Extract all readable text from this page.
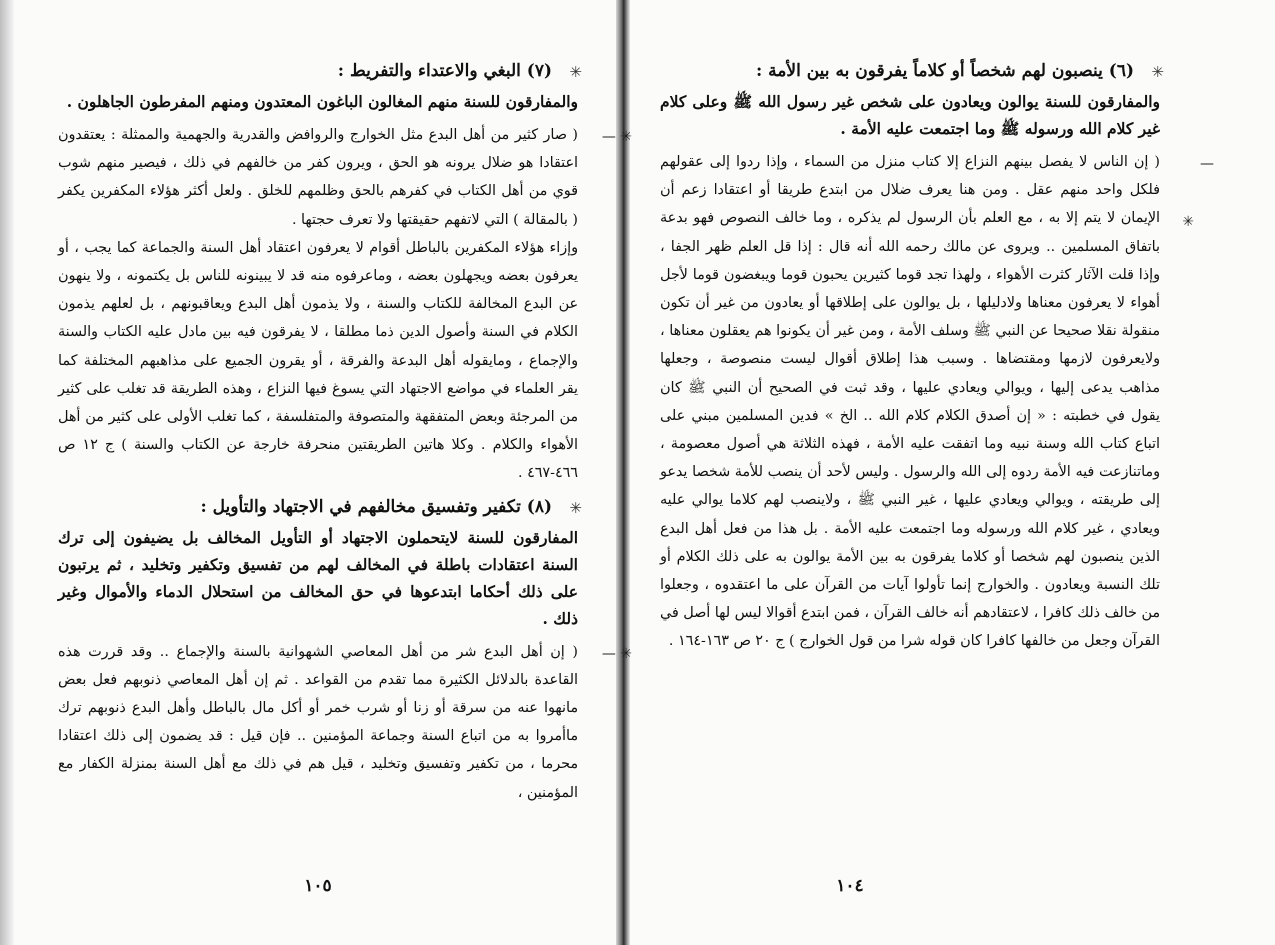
✳
(٧) البغي والاعتداء والتفريط :

والمفارقون للسنة منهم المغالون الباغون المعتدون ومنهم المفرطون الجاهلون .

✳ —
( صار كثير من أهل البدع مثل الخوارج والروافض والقدرية والجهمية والممثلة : يعتقدون اعتقادا هو ضلال يرونه هو الحق ، ويرون كفر من خالفهم في ذلك ، فيصير منهم شوب قوي من أهل الكتاب في كفرهم بالحق وظلمهم للخلق . ولعل أكثر هؤلاء المكفرين يكفر ( بالمقالة ) التي لاتفهم حقيقتها ولا تعرف حجتها .

وإزاء هؤلاء المكفرين بالباطل أقوام لا يعرفون اعتقاد أهل السنة والجماعة كما يجب ، أو يعرفون بعضه ويجهلون بعضه ، وماعرفوه منه قد لا يبينونه للناس بل يكتمونه ، ولا ينهون عن البدع المخالفة للكتاب والسنة ، ولا يذمون أهل البدع ويعاقبونهم ، بل لعلهم يذمون الكلام في السنة وأصول الدين ذما مطلقا ، لا يفرقون فيه بين مادل عليه الكتاب والسنة والإجماع ، ومايقوله أهل البدعة والفرقة ، أو يقرون الجميع على مذاهبهم المختلفة كما يقر العلماء في مواضع الاجتهاد التي يسوغ فيها النزاع ، وهذه الطريقة قد تغلب على كثير من المرجئة وبعض المتفقهة والمتصوفة والمتفلسفة ، كما تغلب الأولى على كثير من أهل الأهواء والكلام . وكلا هاتين الطريقتين منحرفة خارجة عن الكتاب والسنة ) ج ١٢ ص ٤٦٦-٤٦٧ .

✳
(٨) تكفير وتفسيق مخالفهم في الاجتهاد والتأويل :

المفارقون للسنة لايتحملون الاجتهاد أو التأويل المخالف بل يضيفون إلى ترك السنة اعتقادات باطلة في المخالف لهم من تفسيق وتكفير وتخليد ، ثم يرتبون على ذلك أحكاما ابتدعوها في حق المخالف من استحلال الدماء والأموال وغير ذلك .

✳ —
( إن أهل البدع شر من أهل المعاصي الشهوانية بالسنة والإجماع .. وقد قررت هذه القاعدة بالدلائل الكثيرة مما تقدم من القواعد . ثم إن أهل المعاصي ذنوبهم فعل بعض مانهوا عنه من سرقة أو زنا أو شرب خمر أو أكل مال بالباطل وأهل البدع ذنوبهم ترك ماأمروا به من اتباع السنة وجماعة المؤمنين .. فإن قيل : قد يضمون إلى ذلك اعتقادا محرما ، من تكفير وتفسيق وتخليد ، قيل هم في ذلك مع أهل السنة بمنزلة الكفار مع المؤمنين ،

١٠٥
✳
(٦) ينصبون لهم شخصاً أو كلاماً يفرقون به بين الأمة :

والمفارقون للسنة يوالون ويعادون على شخص غير رسول الله ﷺ وعلى كلام غير كلام الله ورسوله ﷺ وما اجتمعت عليه الأمة .

—
✳
( إن الناس لا يفصل بينهم النزاع إلا كتاب منزل من السماء ، وإذا ردوا إلى عقولهم فلكل واحد منهم عقل . ومن هنا يعرف ضلال من ابتدع طريقا أو اعتقادا زعم أن الإيمان لا يتم إلا به ، مع العلم بأن الرسول لم يذكره ، وما خالف النصوص فهو بدعة باتفاق المسلمين .. ويروى عن مالك رحمه الله أنه قال : إذا قل العلم ظهر الجفا ، وإذا قلت الآثار كثرت الأهواء ، ولهذا تجد قوما كثيرين يحبون قوما ويبغضون قوما لأجل أهواء لا يعرفون معناها ولادليلها ، بل يوالون على إطلاقها أو يعادون من غير أن تكون منقولة نقلا صحيحا عن النبي ﷺ وسلف الأمة ، ومن غير أن يكونوا هم يعقلون معناها ، ولايعرفون لازمها ومقتضاها . وسبب هذا إطلاق أقوال ليست منصوصة ، وجعلها مذاهب يدعى إليها ، ويوالي ويعادي عليها ، وقد ثبت في الصحيح أن النبي ﷺ كان يقول في خطبته : « إن أصدق الكلام كلام الله .. الخ » فدين المسلمين مبني على اتباع كتاب الله وسنة نبيه وما اتفقت عليه الأمة ، فهذه الثلاثة هي أصول معصومة ، وماتنازعت فيه الأمة ردوه إلى الله والرسول . وليس لأحد أن ينصب للأمة شخصا يدعو إلى طريقته ، ويوالي ويعادي عليها ، غير النبي ﷺ ، ولاينصب لهم كلاما يوالي عليه ويعادي ، غير كلام الله ورسوله وما اجتمعت عليه الأمة . بل هذا من فعل أهل البدع الذين ينصبون لهم شخصا أو كلاما يفرقون به بين الأمة يوالون به على ذلك الكلام أو تلك النسبة ويعادون . والخوارج إنما تأولوا آيات من القرآن على ما اعتقدوه ، وجعلوا من خالف ذلك كافرا ، لاعتقادهم أنه خالف القرآن ، فمن ابتدع أقوالا ليس لها أصل في القرآن وجعل من خالفها كافرا كان قوله شرا من قول الخوارج ) ج ٢٠ ص ١٦٣-١٦٤ .

١٠٤
